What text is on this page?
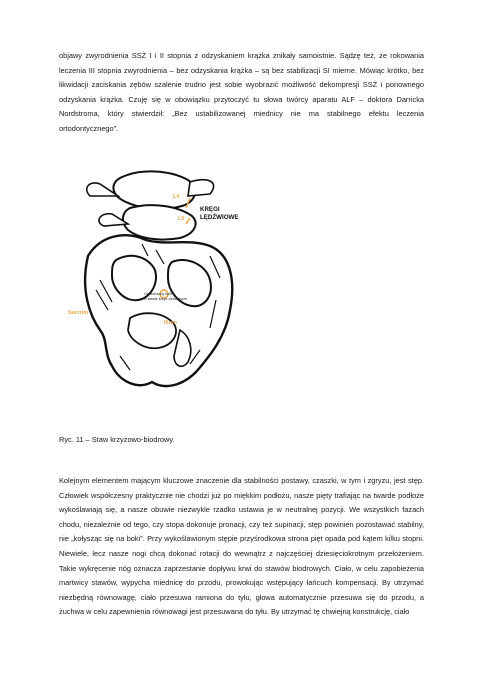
objawy zwyrodnienia SSŻ I i II stopnia z odzyskaniem krążka znikały samoistnie. Sądzę też, że rokowania leczenia III stopnia zwyrodnienia – bez odzyskania krążka – są bez stabilizacji SI mierne. Mówiąc krótko, bez likwidacji zaciskania zębów szalenie trudno jest sobie wyobrazić możliwość dekompresji SSŻ i ponownego odzyskania krążka. Czuję się w obowiązku przytoczyć tu słowa twórcy aparatu ALF – doktora Darricka Nordstroma, który stwierdził: „Bez ustabilizowanej miednicy nie ma stabilnego efektu leczenia ortodontycznego”.

L4
L5
KRĘGI
LĘDŹWIOWE
Ograniczony ruch
w stawie krzyż.-biodrowym
Sacrum
Ilium

Ryc. 11 – Staw krzyżowo-biodrowy.

Kolejnym elementem mającym kluczowe znaczenie dla stabilności postawy, czaszki, w tym i zgryzu, jest stęp. Człowiek współczesny praktycznie nie chodzi już po miękkim podłożu, nasze pięty trafiając na twarde podłoże wykoślawiają się, a nasze obuwie niezwykle rzadko ustawia je w neutralnej pozycji. We wszystkich fazach chodu, niezależnie od tego, czy stopa dokonuje pronacji, czy też supinacji, stęp powinien pozostawać stabilny, nie „kołysząc się na boki”. Przy wykoślawionym stępie przyśrodkowa strona pięt opada pod kątem kilku stopni. Niewiele, lecz nasze nogi chcą dokonać rotacji do wewnątrz z najczęściej dziesięciokrotnym przełożeniem. Takie wykręcenie nóg oznacza zaprzestanie dopływu krwi do stawów biodrowych. Ciało, w celu zapobieżenia martwicy stawów, wypycha miednicę do przodu, prowokując wstępujący łańcuch kompensacji. By utrzymać niezbędną równowagę, ciało przesuwa ramiona do tyłu, głowa automatycznie przesuwa się do przodu, a żuchwa w celu zapewnienia równowagi jest przesuwana do tyłu. By utrzymać tę chwiejną konstrukcję, ciało
